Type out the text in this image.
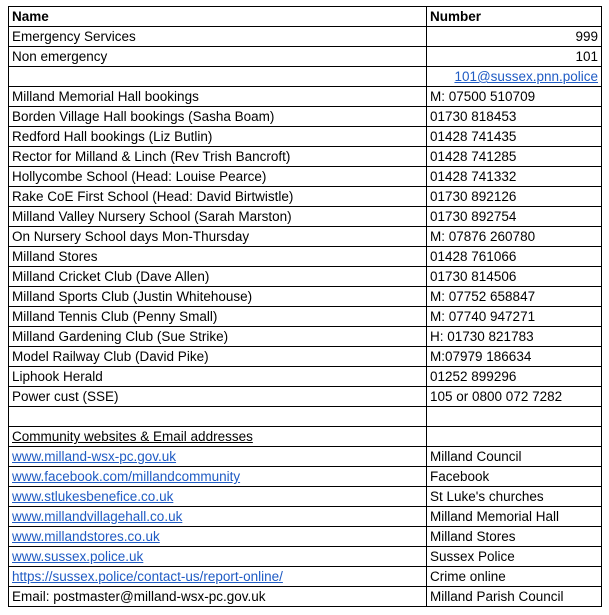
Name	Number
Emergency Services	999
Non emergency	101
	101@sussex.pnn.police
Milland Memorial Hall bookings	M: 07500 510709
Borden Village Hall bookings (Sasha Boam)	01730 818453
Redford Hall bookings (Liz Butlin)	01428 741435
Rector for Milland & Linch (Rev Trish Bancroft)	01428 741285
Hollycombe School (Head: Louise Pearce)	01428 741332
Rake CoE First School (Head: David Birtwistle)	01730 892126
Milland Valley Nursery School (Sarah Marston)	01730 892754
On Nursery School days Mon-Thursday	M: 07876 260780
Milland Stores	01428 761066
Milland Cricket Club (Dave Allen)	01730 814506
Milland Sports Club (Justin Whitehouse)	M: 07752 658847
Milland Tennis Club (Penny Small)	M: 07740 947271
Milland Gardening Club (Sue Strike)	H: 01730 821783
Model Railway Club (David Pike)	M:07979 186634
Liphook Herald	01252 899296
Power cust (SSE)	105 or 0800 072 7282

Community websites & Email addresses	
www.milland-wsx-pc.gov.uk	Milland Council
www.facebook.com/millandcommunity	Facebook
www.stlukesbenefice.co.uk	St Luke's churches
www.millandvillagehall.co.uk	Milland Memorial Hall
www.millandstores.co.uk	Milland Stores
www.sussex.police.uk	Sussex Police
https://sussex.police/contact-us/report-online/	Crime online
Email: postmaster@milland-wsx-pc.gov.uk	Milland Parish Council
